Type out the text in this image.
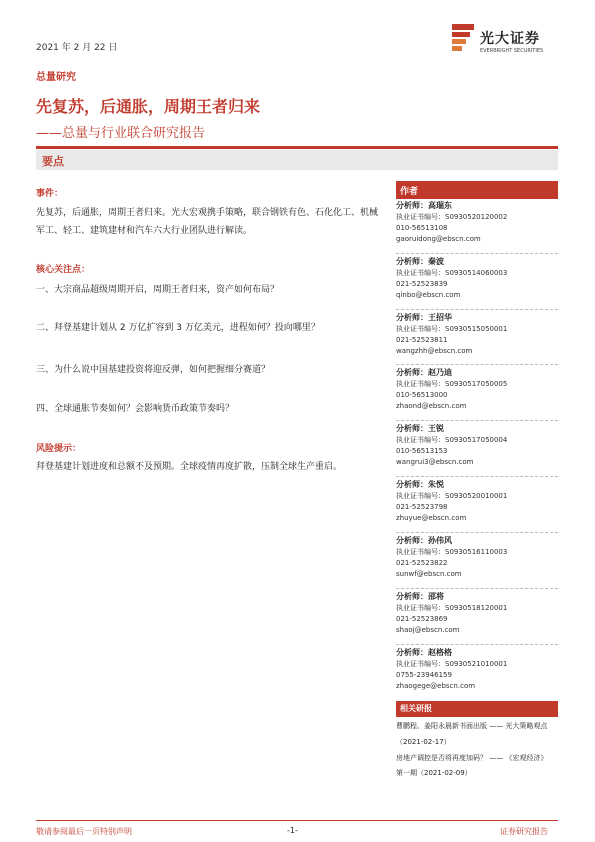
2021 年 2 月 22 日
光大证券
EVERBRIGHT SECURITIES
总量研究
先复苏，后通胀，周期王者归来
——总量与行业联合研究报告
要点
事件：
先复苏，后通胀，周期王者归来。光大宏观携手策略，联合钢铁有色、石化化工、机械军工、轻工、建筑建材和汽车六大行业团队进行解读。
核心关注点：
一、大宗商品超级周期开启，周期王者归来，资产如何布局？
二、拜登基建计划从 2 万亿扩容到 3 万亿美元，进程如何？投向哪里？
三、为什么说中国基建投资将迎反弹，如何把握细分赛道？
四、全球通胀节奏如何？会影响货币政策节奏吗？
风险提示：
拜登基建计划进度和总额不及预期。全球疫情再度扩散，压制全球生产重启。
作者
分析师：高瑞东
执业证书编号：S0930520120002
010-56513108
gaoruidong@ebscn.com
分析师：秦波
执业证书编号：S0930514060003
021-52523839
qinbo@ebscn.com
分析师：王招华
执业证书编号：S0930515050001
021-52523811
wangzhh@ebscn.com
分析师：赵乃迪
执业证书编号：S0930517050005
010-56513000
zhaond@ebscn.com
分析师：王锐
执业证书编号：S0930517050004
010-56513153
wangrui3@ebscn.com
分析师：朱悦
执业证书编号：S0930520010001
021-52523798
zhuyue@ebscn.com
分析师：孙伟风
执业证书编号：S0930516110003
021-52523822
sunwf@ebscn.com
分析师：邵将
执业证书编号：S0930518120001
021-52523869
shaoj@ebscn.com
分析师：赵格格
执业证书编号：S0930521010001
0755-23946159
zhaogege@ebscn.com
相关研报
曹鹏程、姜阳永晨新书面出版 —— 光大策略观点
（2021-02-17）
房地产调控是否将再度加码？ —— 《宏观经济》
第一期（2021-02-09）
敬请参阅最后一页特别声明	-1-	证券研究报告
